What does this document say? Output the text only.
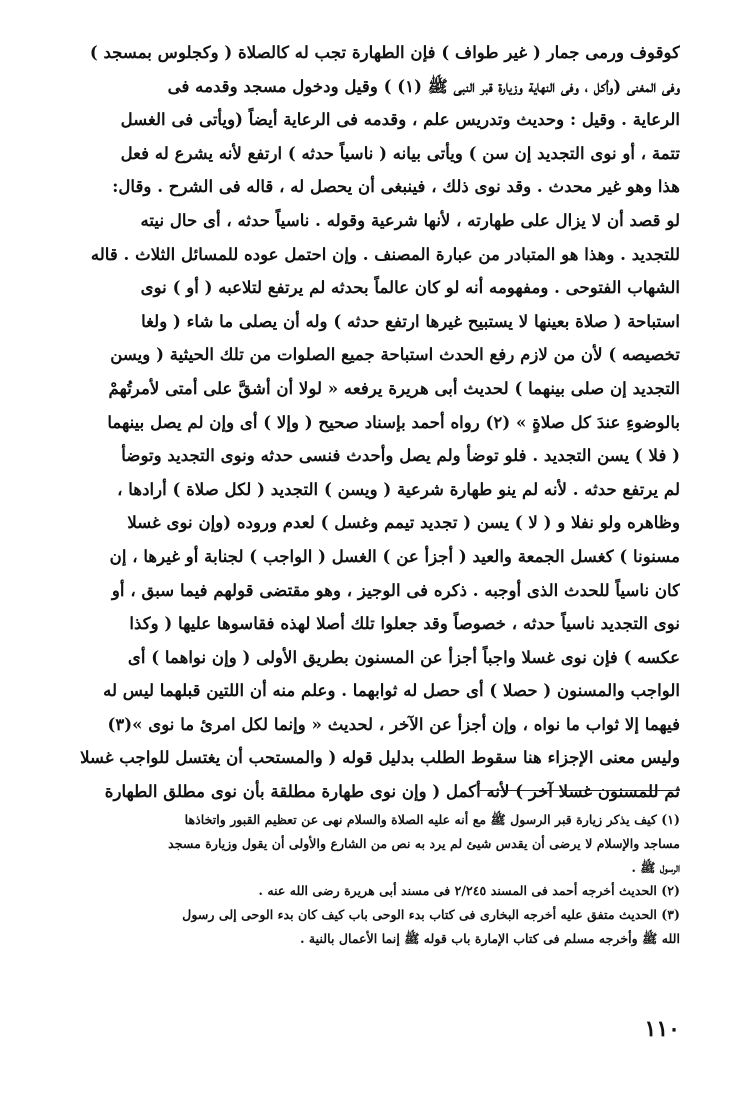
كوقوف ورمى جمار ( غير طواف ) فإن الطهارة تجب له كالصلاة ( وكجلوس بمسجد )
وفى المغنى (وأكل ، وفى النهاية وزيارة قبر النبى ﷺ (١) ) وقيل ودخول مسجد وقدمه فى
الرعاية . وقيل : وحديث وتدريس علم ، وقدمه فى الرعاية أيضاً (ويأتى فى الغسل
تتمة ، أو نوى التجديد إن سن ) ويأتى بيانه ( ناسياً حدثه ) ارتفع لأنه يشرع له فعل
هذا وهو غير محدث . وقد نوى ذلك ، فينبغى أن يحصل له ، قاله فى الشرح . وقال:
لو قصد أن لا يزال على طهارته ، لأنها شرعية وقوله . ناسياً حدثه ، أى حال نيته
للتجديد . وهذا هو المتبادر من عبارة المصنف . وإن احتمل عوده للمسائل الثلاث . قاله
الشهاب الفتوحى . ومفهومه أنه لو كان عالماً بحدثه لم يرتفع لتلاعبه ( أو ) نوى
استباحة ( صلاة بعينها لا يستبيح غيرها ارتفع حدثه ) وله أن يصلى ما شاء ( ولغا
تخصيصه ) لأن من لازم رفع الحدث استباحة جميع الصلوات من تلك الحيثية ( ويسن
التجديد إن صلى بينهما ) لحديث أبى هريرة يرفعه « لولا أن أشقَّ على أمتى لأمرتُهمْ
بالوضوءِ عندَ كل صلاةٍ » (٢) رواه أحمد بإسناد صحيح ( وإلا ) أى وإن لم يصل بينهما
( فلا ) يسن التجديد . فلو توضأ ولم يصل وأحدث فنسى حدثه ونوى التجديد وتوضأ
لم يرتفع حدثه . لأنه لم ينو طهارة شرعية ( ويسن ) التجديد ( لكل صلاة ) أرادها ،
وظاهره ولو نفلا و ( لا ) يسن ( تجديد تيمم وغسل ) لعدم وروده (وإن نوى غسلا
مسنونا ) كغسل الجمعة والعيد ( أجزأ عن ) الغسل ( الواجب ) لجنابة أو غيرها ، إن
كان ناسياً للحدث الذى أوجبه . ذكره فى الوجيز ، وهو مقتضى قولهم فيما سبق ، أو
نوى التجديد ناسياً حدثه ، خصوصاً وقد جعلوا تلك أصلا لهذه فقاسوها عليها ( وكذا
عكسه ) فإن نوى غسلا واجباً أجزأ عن المسنون بطريق الأولى ( وإن نواهما ) أى
الواجب والمسنون ( حصلا ) أى حصل له ثوابهما . وعلم منه أن اللتين قبلهما ليس له
فيهما إلا ثواب ما نواه ، وإن أجزأ عن الآخر ، لحديث « وإنما لكل امرئ ما نوى »(٣)
وليس معنى الإجزاء هنا سقوط الطلب بدليل قوله ( والمستحب أن يغتسل للواجب غسلا
ثم للمسنون غسلا آخر ) لأنه أكمل ( وإن نوى طهارة مطلقة بأن نوى مطلق الطهارة
(١) كيف يذكر زيارة قبر الرسول ﷺ مع أنه عليه الصلاة والسلام نهى عن تعظيم القبور واتخاذها
مساجد والإسلام لا يرضى أن يقدس شيئ لم يرد به نص من الشارع والأولى أن يقول وزيارة مسجد
الرسول ﷺ .
(٢) الحديث أخرجه أحمد فى المسند ٢/٢٤٥ فى مسند أبى هريرة رضى الله عنه .
(٣) الحديث متفق عليه أخرجه البخارى فى كتاب بدء الوحى باب كيف كان بدء الوحى إلى رسول
الله ﷺ وأخرجه مسلم فى كتاب الإمارة باب قوله ﷺ إنما الأعمال بالنية .
١١٠
